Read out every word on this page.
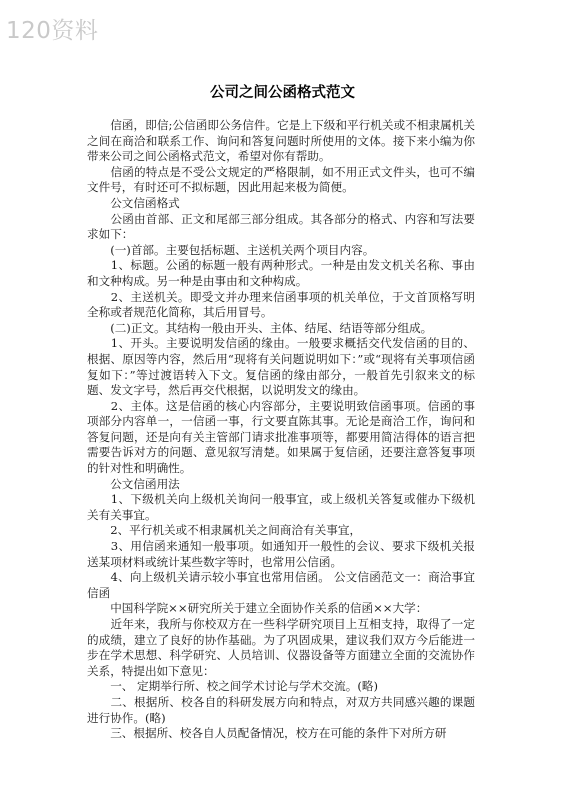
120资料
公司之间公函格式范文

　　信函，即信;公信函即公务信件。它是上下级和平行机关或不相隶属机关之间在商洽和联系工作、询问和答复问题时所使用的文体。接下来小编为你带来公司之间公函格式范文，希望对你有帮助。

　　信函的特点是不受公文规定的严格限制，如不用正式文件头，也可不编文件号，有时还可不拟标题，因此用起来极为简便。

　　公文信函格式

　　公函由首部、正文和尾部三部分组成。其各部分的格式、内容和写法要求如下：

　　(一)首部。主要包括标题、主送机关两个项目内容。

　　1、标题。公函的标题一般有两种形式。一种是由发文机关名称、事由和文种构成。另一种是由事由和文种构成。

　　2、主送机关。即受文并办理来信函事项的机关单位，于文首顶格写明全称或者规范化简称，其后用冒号。

　　(二)正文。其结构一般由开头、主体、结尾、结语等部分组成。

　　1、开头。主要说明发信函的缘由。一般要求概括交代发信函的目的、根据、原因等内容，然后用“现将有关问题说明如下：”或“现将有关事项信函复如下：”等过渡语转入下文。复信函的缘由部分，一般首先引叙来文的标题、发文字号，然后再交代根据，以说明发文的缘由。

　　2、主体。这是信函的核心内容部分，主要说明致信函事项。信函的事项部分内容单一，一信函一事，行文要直陈其事。无论是商洽工作，询问和答复问题，还是向有关主管部门请求批准事项等，都要用简洁得体的语言把需要告诉对方的问题、意见叙写清楚。如果属于复信函，还要注意答复事项的针对性和明确性。

　　公文信函用法

　　1、下级机关向上级机关询问一般事宜，或上级机关答复或催办下级机关有关事宜。

　　2、平行机关或不相隶属机关之间商洽有关事宜，

　　3、用信函来通知一般事项。如通知开一般性的会议、要求下级机关报送某项材料或统计某些数字等时，也常用公信函。

　　4、向上级机关请示较小事宜也常用信函。 公文信函范文一：商洽事宜信函

　　中国科学院××研究所关于建立全面协作关系的信函××大学：

　　近年来，我所与你校双方在一些科学研究项目上互相支持，取得了一定的成绩，建立了良好的协作基础。为了巩固成果，建议我们双方今后能进一步在学术思想、科学研究、人员培训、仪器设备等方面建立全面的交流协作关系，特提出如下意见：

　　一、 定期举行所、校之间学术讨论与学术交流。(略)

　　二、根据所、校各自的科研发展方向和特点，对双方共同感兴趣的课题进行协作。(略)

　　三、根据所、校各自人员配备情况，校方在可能的条件下对所方研
